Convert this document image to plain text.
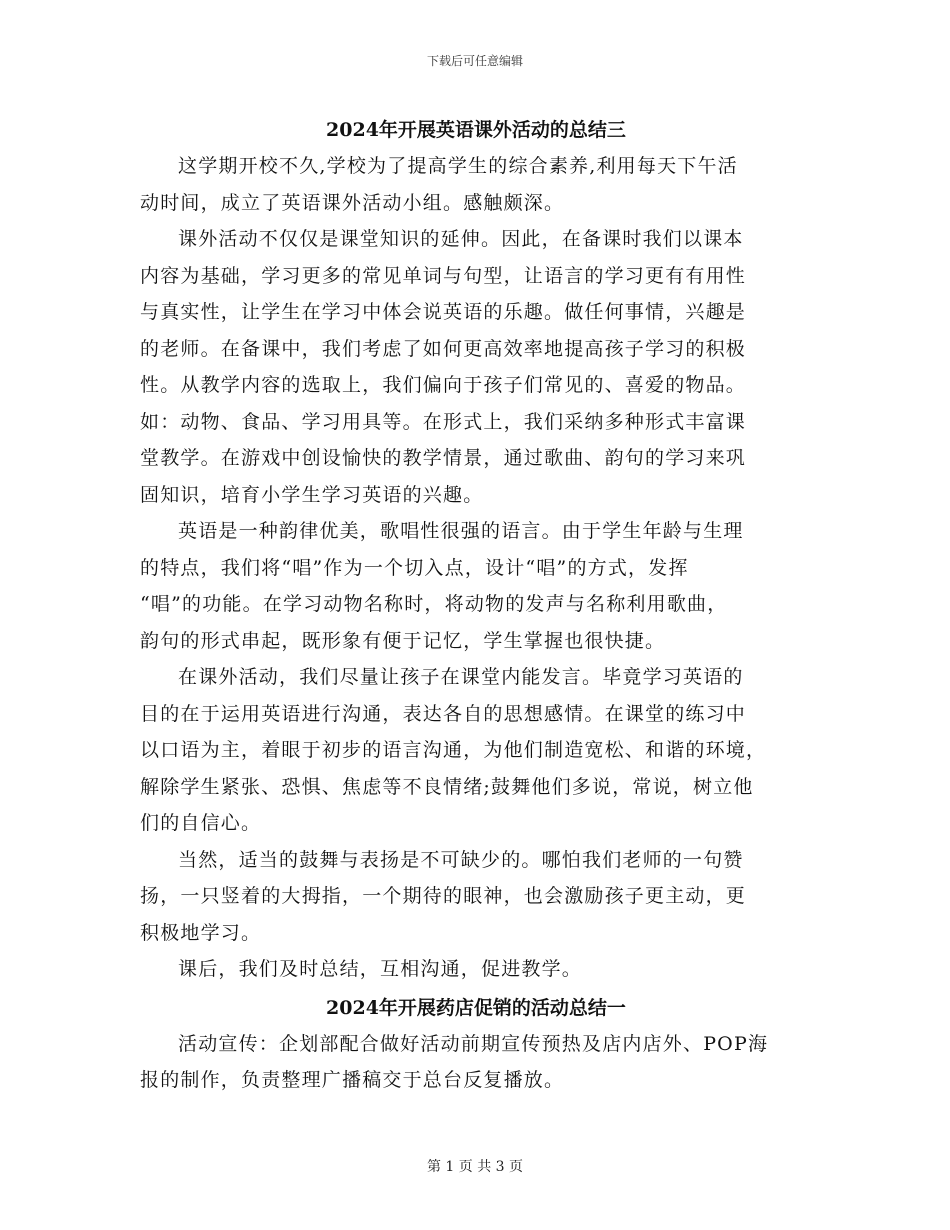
下载后可任意编辑
2024年开展英语课外活动的总结三
这学期开校不久,学校为了提高学生的综合素养,利用每天下午活
动时间，成立了英语课外活动小组。感触颇深。
课外活动不仅仅是课堂知识的延伸。因此，在备课时我们以课本
内容为基础，学习更多的常见单词与句型，让语言的学习更有有用性
与真实性，让学生在学习中体会说英语的乐趣。做任何事情，兴趣是
的老师。在备课中，我们考虑了如何更高效率地提高孩子学习的积极
性。从教学内容的选取上，我们偏向于孩子们常见的、喜爱的物品。
如：动物、食品、学习用具等。在形式上，我们采纳多种形式丰富课
堂教学。在游戏中创设愉快的教学情景，通过歌曲、韵句的学习来巩
固知识，培育小学生学习英语的兴趣。
英语是一种韵律优美，歌唱性很强的语言。由于学生年龄与生理
的特点，我们将“唱”作为一个切入点，设计“唱”的方式，发挥
“唱”的功能。在学习动物名称时，将动物的发声与名称利用歌曲，
韵句的形式串起，既形象有便于记忆，学生掌握也很快捷。
在课外活动，我们尽量让孩子在课堂内能发言。毕竟学习英语的
目的在于运用英语进行沟通，表达各自的思想感情。在课堂的练习中
以口语为主，着眼于初步的语言沟通，为他们制造宽松、和谐的环境，
解除学生紧张、恐惧、焦虑等不良情绪;鼓舞他们多说，常说，树立他
们的自信心。
当然，适当的鼓舞与表扬是不可缺少的。哪怕我们老师的一句赞
扬，一只竖着的大拇指，一个期待的眼神，也会激励孩子更主动，更
积极地学习。
课后，我们及时总结，互相沟通，促进教学。
2024年开展药店促销的活动总结一
活动宣传：企划部配合做好活动前期宣传预热及店内店外、POP海
报的制作，负责整理广播稿交于总台反复播放。
第 1 页 共 3 页
